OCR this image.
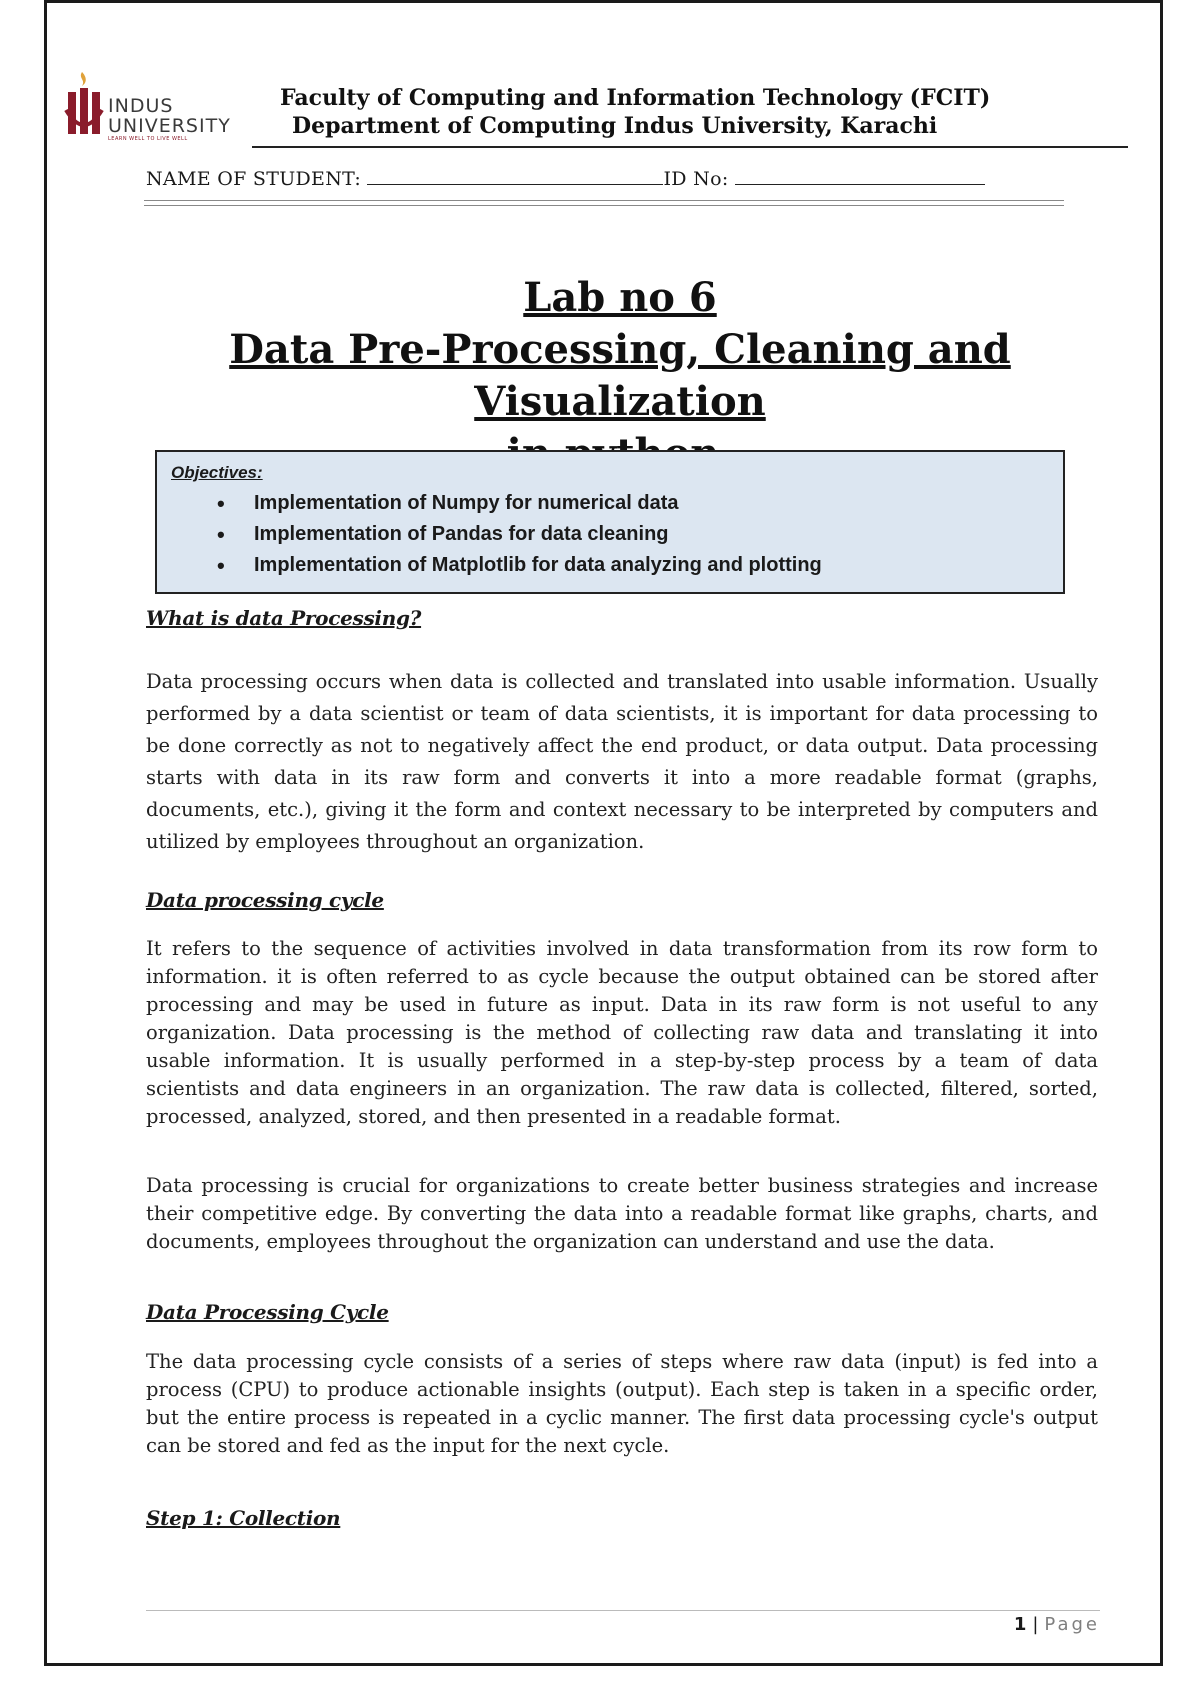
INDUS
UNIVERSITY
LEARN WELL TO LIVE WELL
Faculty of Computing and Information Technology (FCIT)
Department of Computing Indus University, Karachi
NAME OF STUDENT:	ID No:
Lab no 6
Data Pre-Processing, Cleaning and Visualization
Objectives:
• Implementation of Numpy for numerical data
• Implementation of Pandas for data cleaning
• Implementation of Matplotlib for data analyzing and plotting
What is data Processing?
Data processing occurs when data is collected and translated into usable information. Usually performed by a data scientist or team of data scientists, it is important for data processing to be done correctly as not to negatively affect the end product, or data output. Data processing starts with data in its raw form and converts it into a more readable format (graphs, documents, etc.), giving it the form and context necessary to be interpreted by computers and utilized by employees throughout an organization.
Data processing cycle
It refers to the sequence of activities involved in data transformation from its row form to information. it is often referred to as cycle because the output obtained can be stored after processing and may be used in future as input. Data in its raw form is not useful to any organization. Data processing is the method of collecting raw data and translating it into usable information. It is usually performed in a step-by-step process by a team of data scientists and data engineers in an organization. The raw data is collected, filtered, sorted, processed, analyzed, stored, and then presented in a readable format.
Data processing is crucial for organizations to create better business strategies and increase their competitive edge. By converting the data into a readable format like graphs, charts, and documents, employees throughout the organization can understand and use the data.
Data Processing Cycle
The data processing cycle consists of a series of steps where raw data (input) is fed into a process (CPU) to produce actionable insights (output). Each step is taken in a specific order, but the entire process is repeated in a cyclic manner. The first data processing cycle's output can be stored and fed as the input for the next cycle.
Step 1: Collection
1 | Page
